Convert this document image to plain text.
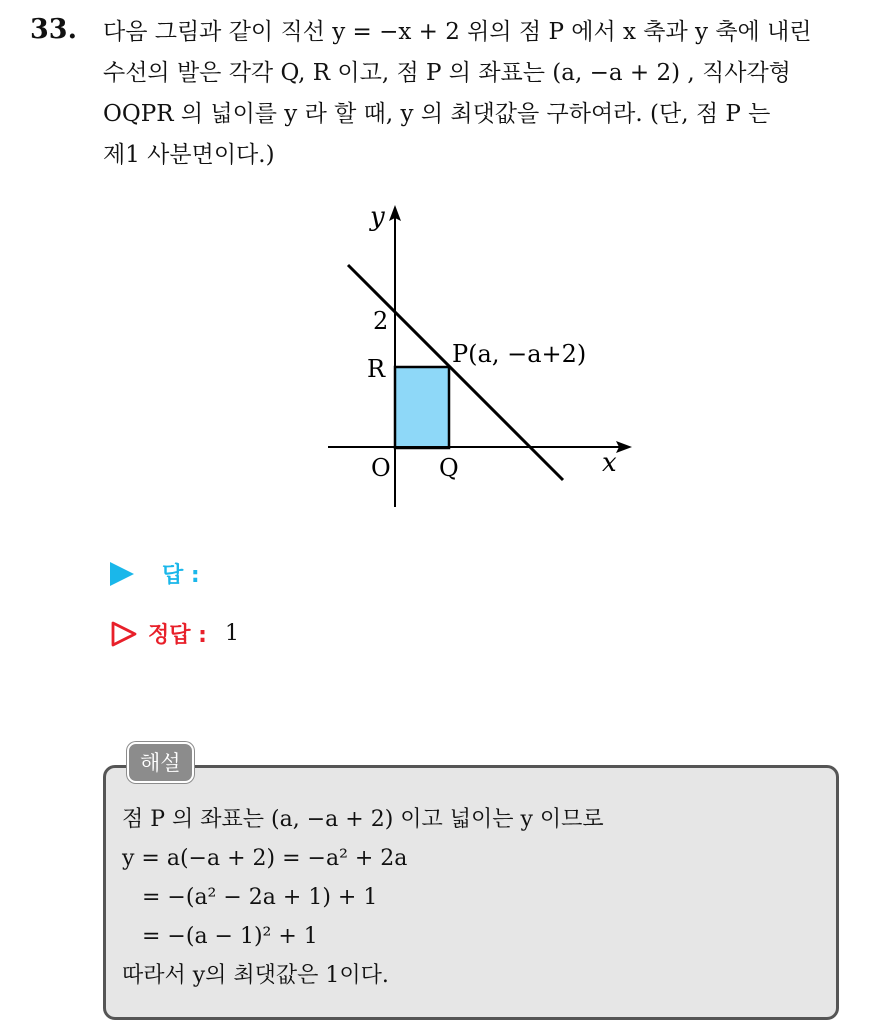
33. 다음 그림과 같이 직선 y = −x + 2 위의 점 P 에서 x 축과 y 축에 내린
수선의 발은 각각 Q, R 이고, 점 P 의 좌표는 (a, −a + 2) , 직사각형
OQPR 의 넓이를 y 라 할 때, y 의 최댓값을 구하여라. (단, 점 P 는
제1 사분면이다.)
y
x
2
R
O Q
P(a, −a+2)
답 :
정답 : 1
해설
점 P 의 좌표는 (a, −a + 2) 이고 넓이는 y 이므로
y = a(−a + 2) = −a² + 2a
= −(a² − 2a + 1) + 1
= −(a − 1)² + 1
따라서 y의 최댓값은 1이다.
